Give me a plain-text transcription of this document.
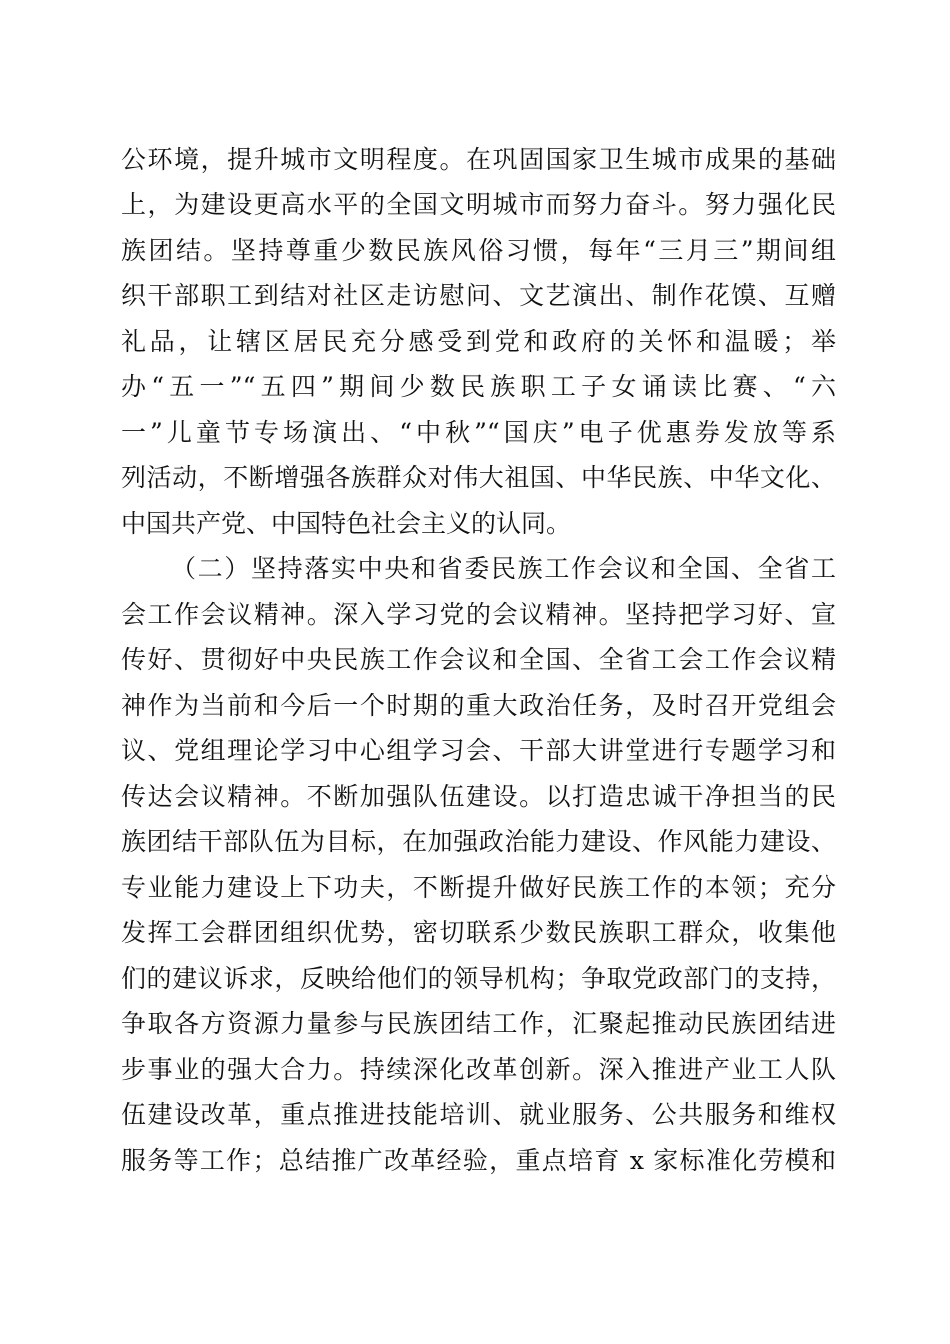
公环境，提升城市文明程度。在巩固国家卫生城市成果的基础
上，为建设更高水平的全国文明城市而努力奋斗。努力强化民
族团结。坚持尊重少数民族风俗习惯，每年“三月三”期间组
织干部职工到结对社区走访慰问、文艺演出、制作花馍、互赠
礼品，让辖区居民充分感受到党和政府的关怀和温暖；举
办“五一”“五四”期间少数民族职工子女诵读比赛、“六
一”儿童节专场演出、“中秋”“国庆”电子优惠券发放等系
列活动，不断增强各族群众对伟大祖国、中华民族、中华文化、
中国共产党、中国特色社会主义的认同。
（二）坚持落实中央和省委民族工作会议和全国、全省工
会工作会议精神。深入学习党的会议精神。坚持把学习好、宣
传好、贯彻好中央民族工作会议和全国、全省工会工作会议精
神作为当前和今后一个时期的重大政治任务，及时召开党组会
议、党组理论学习中心组学习会、干部大讲堂进行专题学习和
传达会议精神。不断加强队伍建设。以打造忠诚干净担当的民
族团结干部队伍为目标，在加强政治能力建设、作风能力建设、
专业能力建设上下功夫，不断提升做好民族工作的本领；充分
发挥工会群团组织优势，密切联系少数民族职工群众，收集他
们的建议诉求，反映给他们的领导机构；争取党政部门的支持，
争取各方资源力量参与民族团结工作，汇聚起推动民族团结进
步事业的强大合力。持续深化改革创新。深入推进产业工人队
伍建设改革，重点推进技能培训、就业服务、公共服务和维权
服务等工作；总结推广改革经验，重点培育 x 家标准化劳模和
